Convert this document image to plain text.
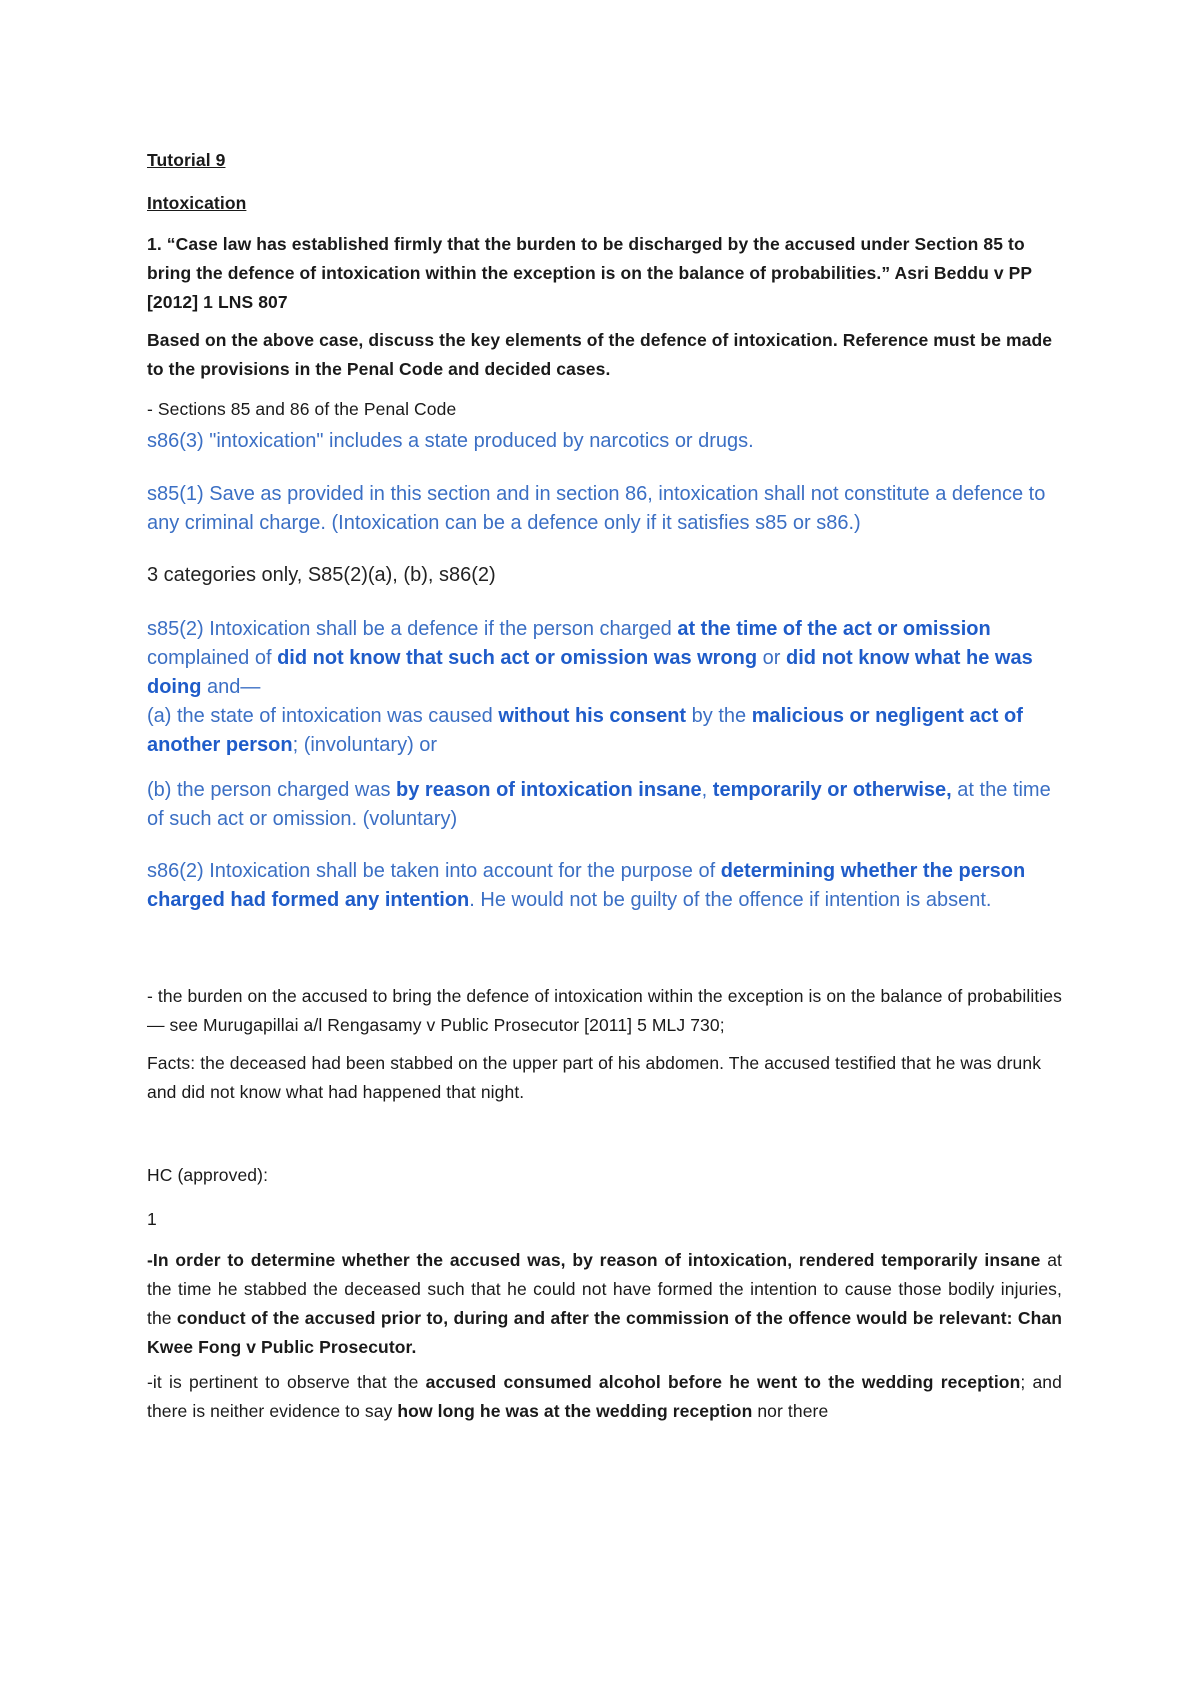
Tutorial 9

Intoxication

1. “Case law has established firmly that the burden to be discharged by the accused under Section 85 to bring the defence of intoxication within the exception is on the balance of probabilities.” Asri Beddu v PP [2012] 1 LNS 807

Based on the above case, discuss the key elements of the defence of intoxication. Reference must be made to the provisions in the Penal Code and decided cases.

- Sections 85 and 86 of the Penal Code

s86(3) "intoxication" includes a state produced by narcotics or drugs.

s85(1) Save as provided in this section and in section 86, intoxication shall not constitute a defence to any criminal charge. (Intoxication can be a defence only if it satisfies s85 or s86.)

3 categories only, S85(2)(a), (b), s86(2)

s85(2) Intoxication shall be a defence if the person charged at the time of the act or omission complained of did not know that such act or omission was wrong or did not know what he was doing and—
(a) the state of intoxication was caused without his consent by the malicious or negligent act of another person; (involuntary) or
(b) the person charged was by reason of intoxication insane, temporarily or otherwise, at the time of such act or omission. (voluntary)
s86(2) Intoxication shall be taken into account for the purpose of determining whether the person charged had formed any intention. He would not be guilty of the offence if intention is absent.

- the burden on the accused to bring the defence of intoxication within the exception is on the balance of probabilities — see Murugapillai a/l Rengasamy v Public Prosecutor [2011] 5 MLJ 730;

Facts: the deceased had been stabbed on the upper part of his abdomen. The accused testified that he was drunk and did not know what had happened that night.

HC (approved):

1

-In order to determine whether the accused was, by reason of intoxication, rendered temporarily insane at the time he stabbed the deceased such that he could not have formed the intention to cause those bodily injuries, the conduct of the accused prior to, during and after the commission of the offence would be relevant: Chan Kwee Fong v Public Prosecutor.

-it is pertinent to observe that the accused consumed alcohol before he went to the wedding reception; and there is neither evidence to say how long he was at the wedding reception nor there
